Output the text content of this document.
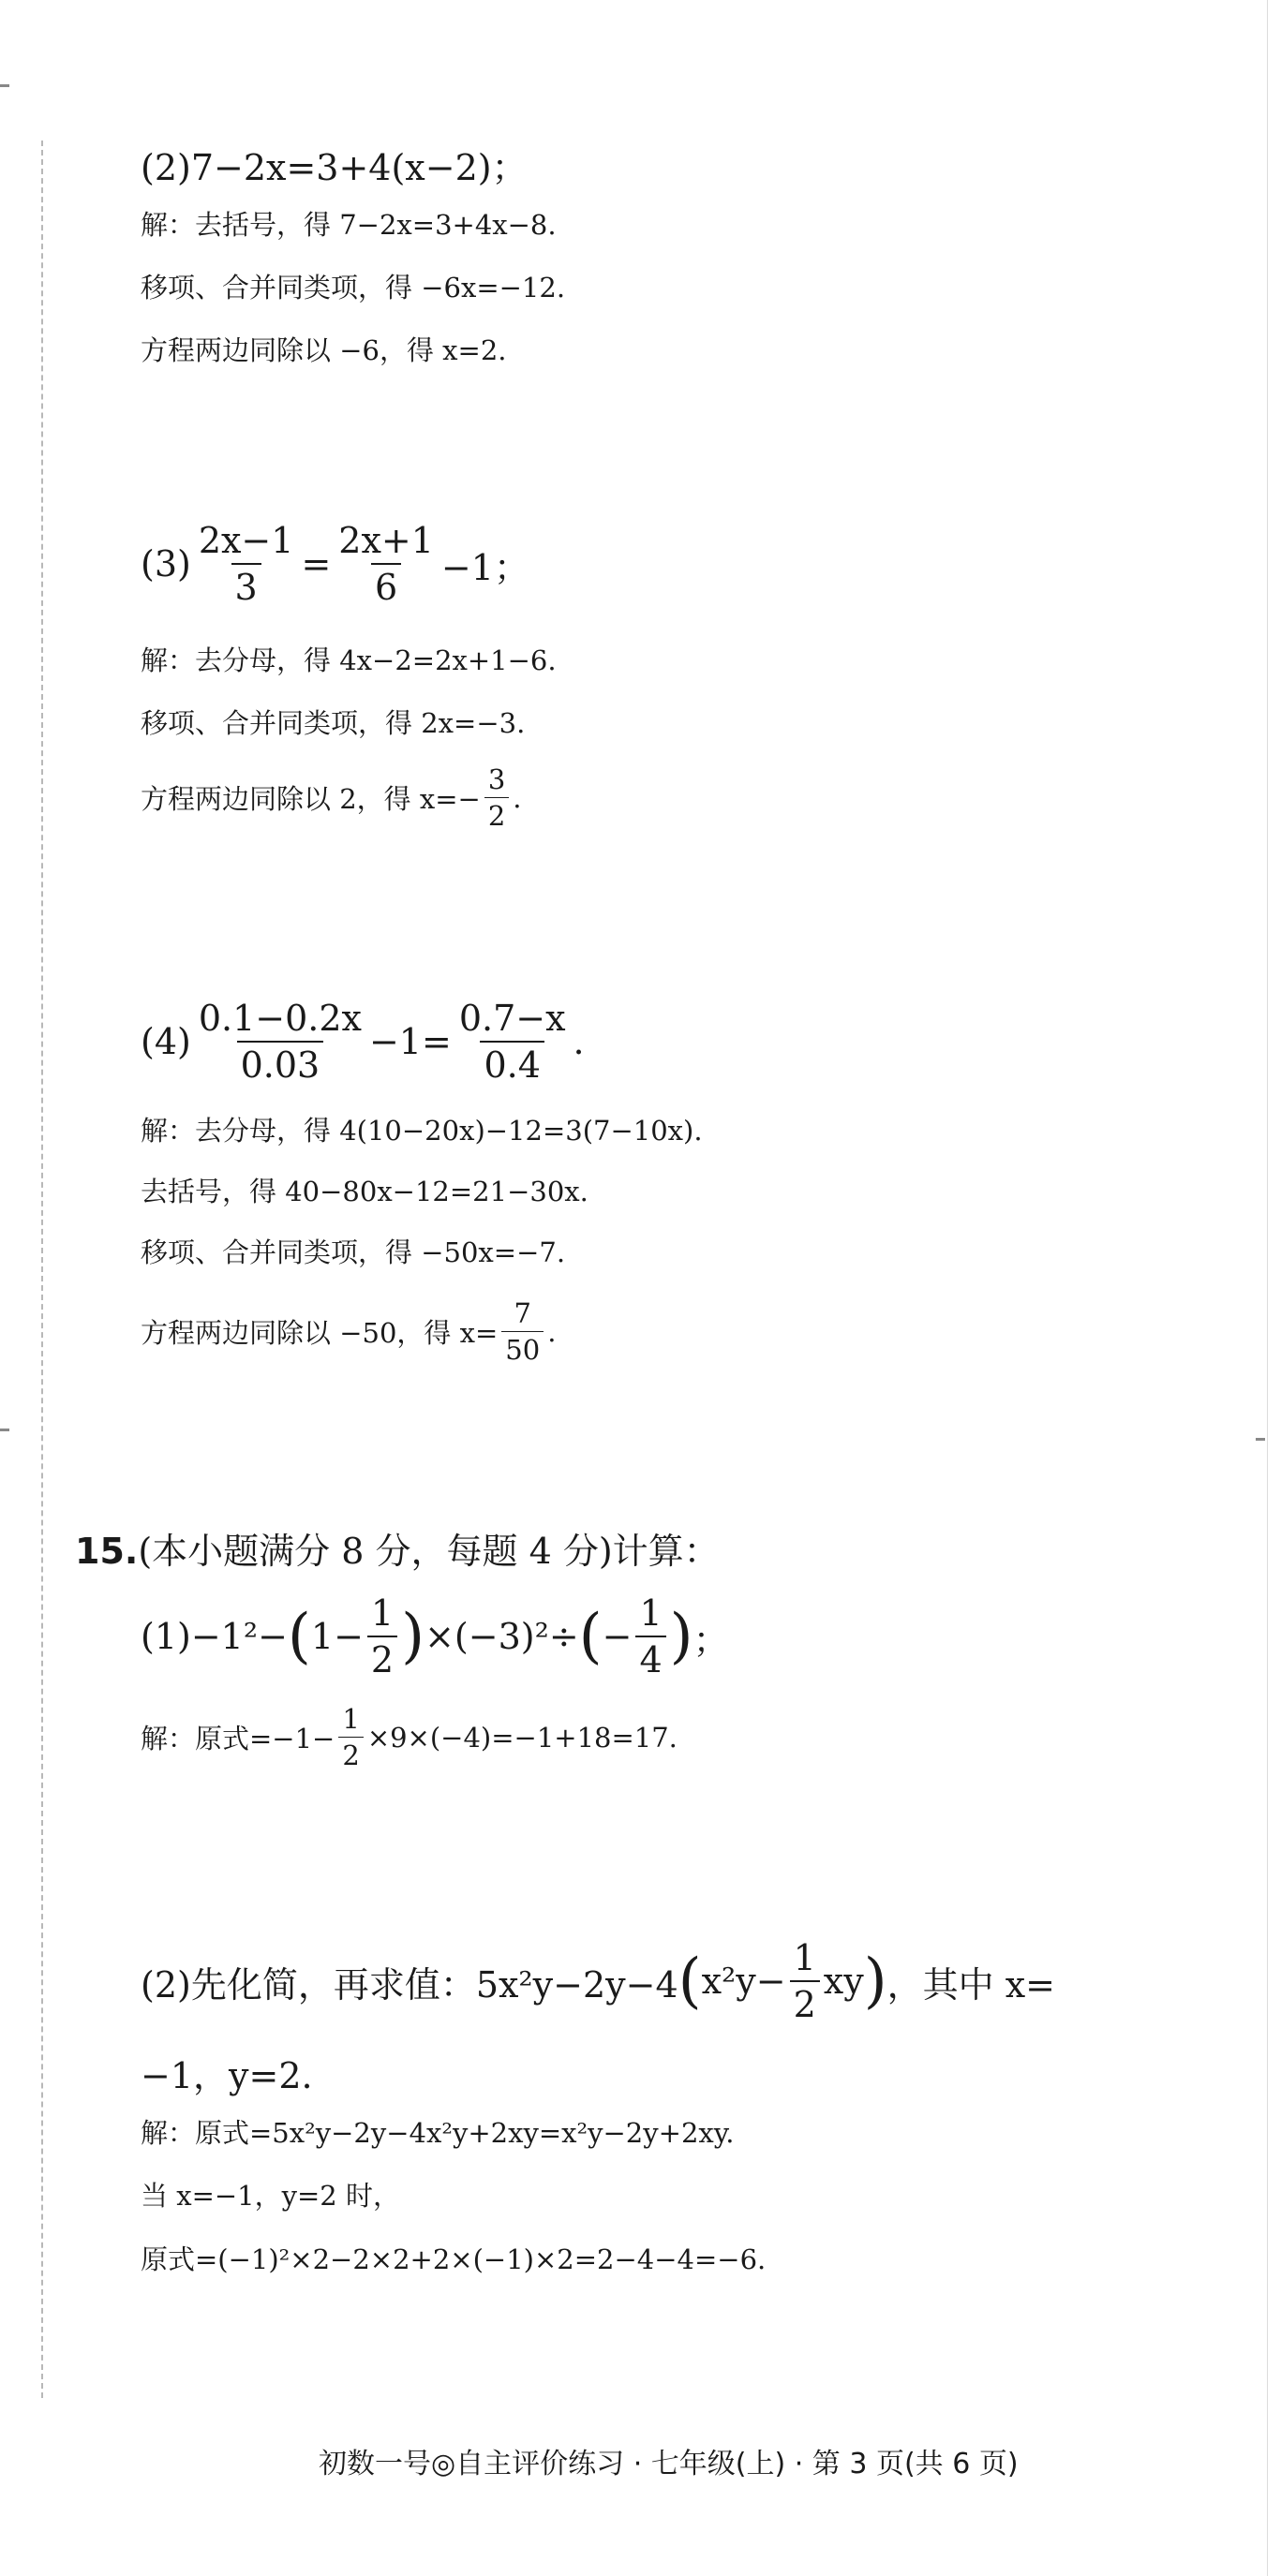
(2)7−2x=3+4(x−2)；
解：去括号，得 7−2x=3+4x−8.
移项、合并同类项，得 −6x=−12.
方程两边同除以 −6，得 x=2.
$(3) \frac{2x-1}{3} = \frac{2x+1}{6} -1$；
解：去分母，得 4x−2=2x+1−6.
移项、合并同类项，得 2x=−3.
方程两边同除以 2，得 $x=- \frac{3}{2}$ .
$(4) \frac{0.1-0.2x}{0.03} -1= \frac{0.7-x}{0.4}$ .
解：去分母，得 4(10−20x)−12=3(7−10x).
去括号，得 40−80x−12=21−30x.
移项、合并同类项，得 −50x=−7.
方程两边同除以 −50，得 $x= \frac{7}{50}$ .
15.(本小题满分 8 分，每题 4 分)计算：
(1)−1²− ( $1- \frac{1}{2}$ ) ×(−3)²÷ ( − $\frac{1}{4}$ ) ；
解：原式$=-1- \frac{1}{2} \times 9\times(-4)=-1+18=17$.
(2)先化简，再求值：5x²y−2y−4 ( $x^2y- \frac{1}{2}$ xy ) ，其中 x=
−1，y=2.
解：原式=5x²y−2y−4x²y+2xy=x²y−2y+2xy.
当 x=−1，y=2 时，
原式=(−1)²×2−2×2+2×(−1)×2=2−4−4=−6.
初数一号◎自主评价练习 · 七年级(上) · 第 3 页(共 6 页)
